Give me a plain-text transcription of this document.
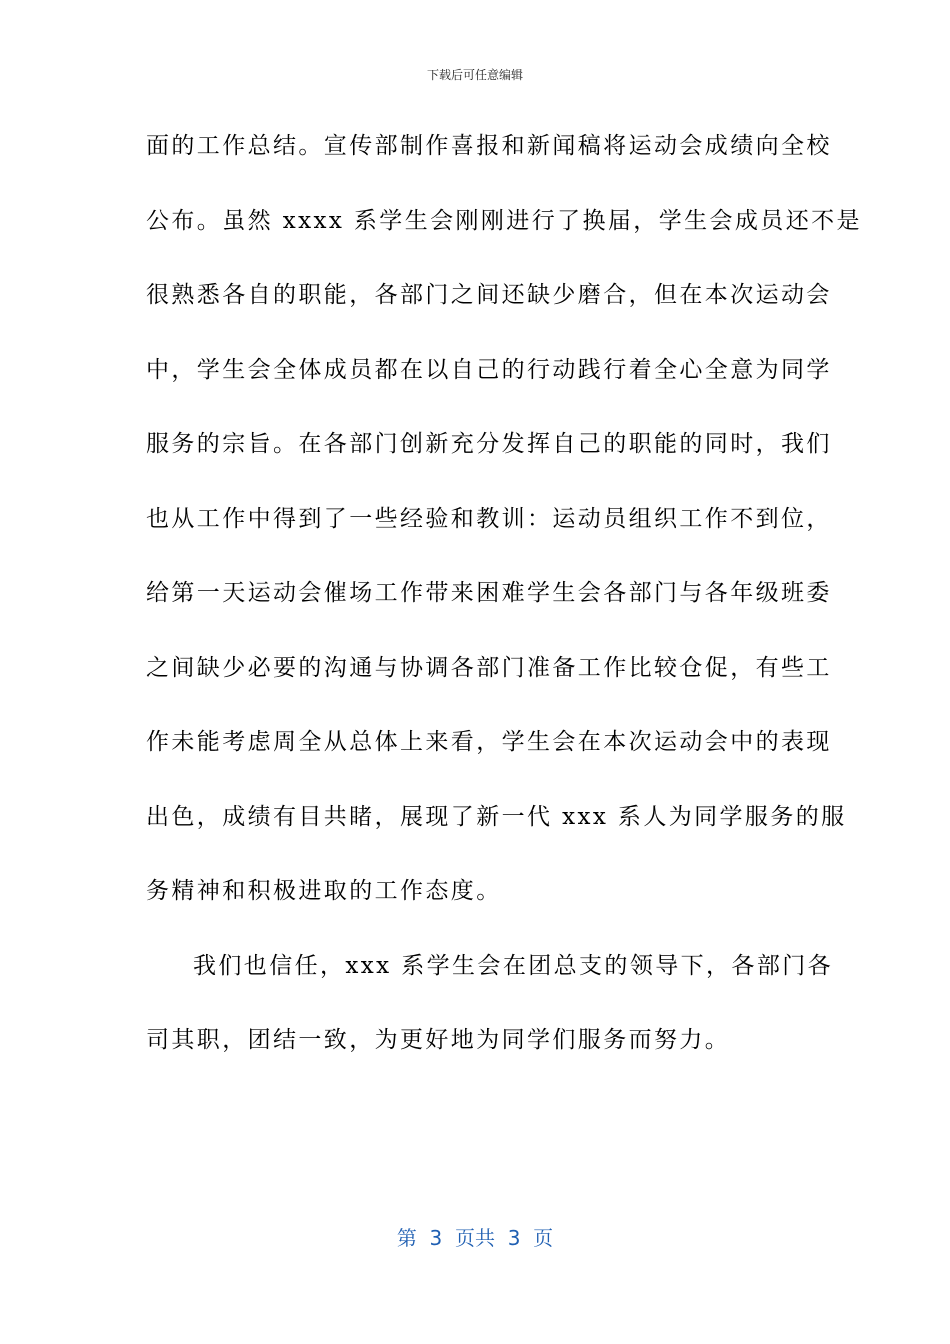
下载后可任意编辑
面的工作总结。宣传部制作喜报和新闻稿将运动会成绩向全校
公布。虽然 xxxx 系学生会刚刚进行了换届，学生会成员还不是
很熟悉各自的职能，各部门之间还缺少磨合，但在本次运动会
中，学生会全体成员都在以自己的行动践行着全心全意为同学
服务的宗旨。在各部门创新充分发挥自己的职能的同时，我们
也从工作中得到了一些经验和教训：运动员组织工作不到位，
给第一天运动会催场工作带来困难学生会各部门与各年级班委
之间缺少必要的沟通与协调各部门准备工作比较仓促，有些工
作未能考虑周全从总体上来看，学生会在本次运动会中的表现
出色，成绩有目共睹，展现了新一代 xxx 系人为同学服务的服
务精神和积极进取的工作态度。
我们也信任，xxx 系学生会在团总支的领导下，各部门各
司其职，团结一致，为更好地为同学们服务而努力。
第  3  页共  3  页
